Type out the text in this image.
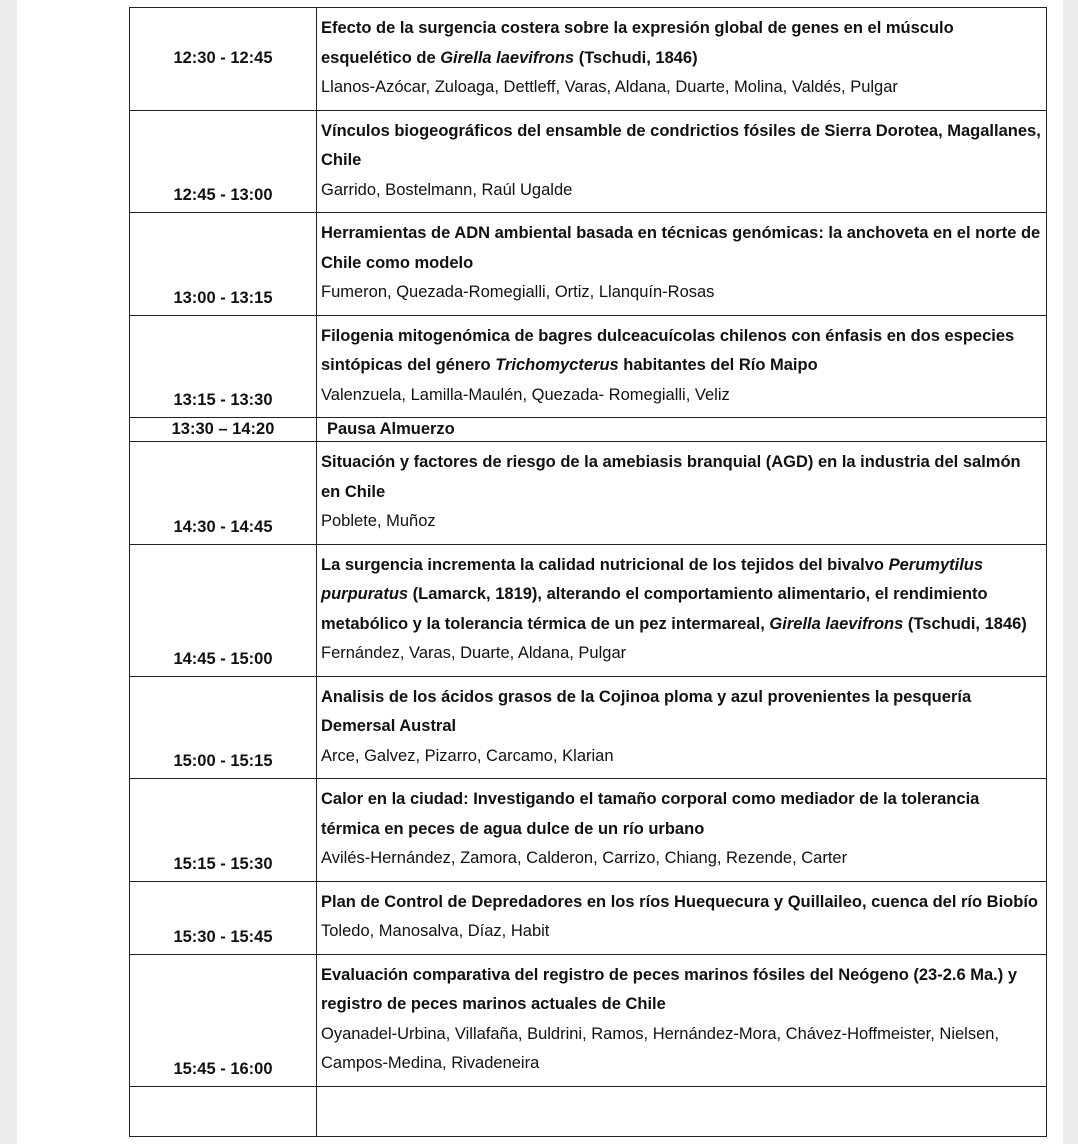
12:30 - 12:45	Efecto de la surgencia costera sobre la expresión global de genes en el músculo esquelético de Girella laevifrons (Tschudi, 1846)
Llanos-Azócar, Zuloaga, Dettleff, Varas, Aldana, Duarte, Molina, Valdés, Pulgar

12:45 - 13:00	Vínculos biogeográficos del ensamble de condrictios fósiles de Sierra Dorotea, Magallanes, Chile
Garrido, Bostelmann, Raúl Ugalde

13:00 - 13:15	Herramientas de ADN ambiental basada en técnicas genómicas: la anchoveta en el norte de Chile como modelo
Fumeron, Quezada-Romegialli, Ortiz, Llanquín-Rosas

13:15 - 13:30	Filogenia mitogenómica de bagres dulceacuícolas chilenos con énfasis en dos especies sintópicas del género Trichomycterus habitantes del Río Maipo
Valenzuela, Lamilla-Maulén, Quezada- Romegialli, Veliz

13:30 – 14:20	Pausa Almuerzo
14:30 - 14:45	Situación y factores de riesgo de la amebiasis branquial (AGD) en la industria del salmón en Chile
Poblete, Muñoz

14:45 - 15:00	La surgencia incrementa la calidad nutricional de los tejidos del bivalvo Perumytilus purpuratus (Lamarck, 1819), alterando el comportamiento alimentario, el rendimiento metabólico y la tolerancia térmica de un pez intermareal, Girella laevifrons (Tschudi, 1846)
Fernández, Varas, Duarte, Aldana, Pulgar

15:00 - 15:15	Analisis de los ácidos grasos de la Cojinoa ploma y azul provenientes la pesquería Demersal Austral
Arce, Galvez, Pizarro, Carcamo, Klarian

15:15 - 15:30	Calor en la ciudad: Investigando el tamaño corporal como mediador de la tolerancia térmica en peces de agua dulce de un río urbano
Avilés-Hernández, Zamora, Calderon, Carrizo, Chiang, Rezende, Carter

15:30 - 15:45	Plan de Control de Depredadores en los ríos Huequecura y Quillaileo, cuenca del río Biobío
Toledo, Manosalva, Díaz, Habit

15:45 - 16:00	Evaluación comparativa del registro de peces marinos fósiles del Neógeno (23-2.6 Ma.) y registro de peces marinos actuales de Chile
Oyanadel-Urbina, Villafaña, Buldrini, Ramos, Hernández-Mora, Chávez-Hoffmeister, Nielsen, Campos-Medina, Rivadeneira
